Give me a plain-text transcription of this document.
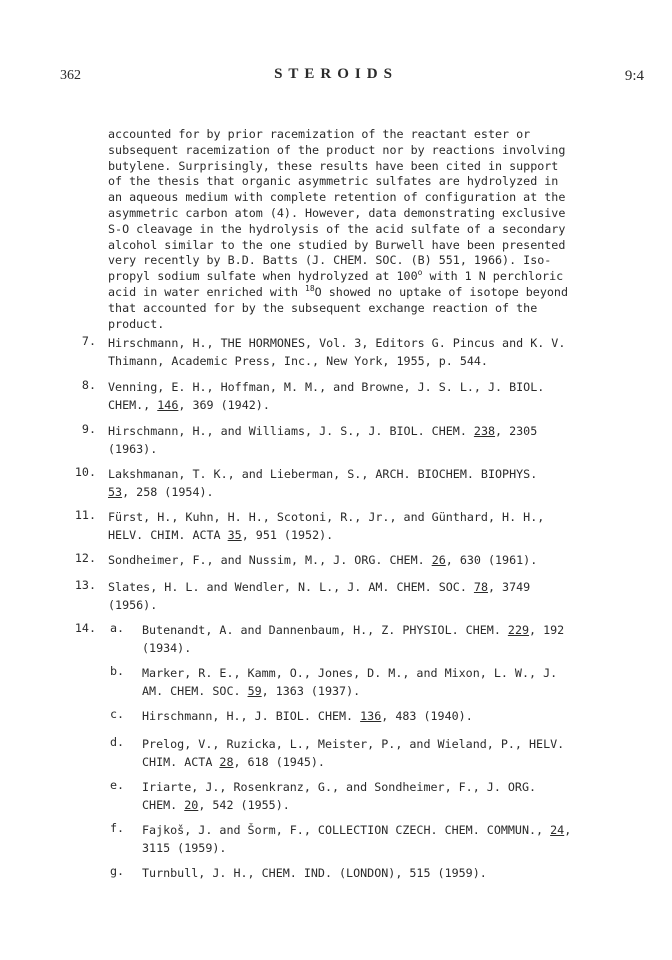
362	STEROIDS	9:4
accounted for by prior racemization of the reactant ester or
subsequent racemization of the product nor by reactions involving
butylene. Surprisingly, these results have been cited in support
of the thesis that organic asymmetric sulfates are hydrolyzed in
an aqueous medium with complete retention of configuration at the
asymmetric carbon atom (4). However, data demonstrating exclusive
S-O cleavage in the hydrolysis of the acid sulfate of a secondary
alcohol similar to the one studied by Burwell have been presented
very recently by B.D. Batts (J. CHEM. SOC. (B) 551, 1966). Iso-
propyl sodium sulfate when hydrolyzed at 100$^o$ with 1 N perchloric
acid in water enriched with $^{18}$O showed no uptake of isotope beyond
that accounted for by the subsequent exchange reaction of the
product.
7. Hirschmann, H., THE HORMONES, Vol. 3, Editors G. Pincus and K. V.
Thimann, Academic Press, Inc., New York, 1955, p. 544.
8. Venning, E. H., Hoffman, M. M., and Browne, J. S. L., J. BIOL.
CHEM., 146, 369 (1942).
9. Hirschmann, H., and Williams, J. S., J. BIOL. CHEM. 238, 2305
(1963).
10. Lakshmanan, T. K., and Lieberman, S., ARCH. BIOCHEM. BIOPHYS.
53, 258 (1954).
11. Fürst, H., Kuhn, H. H., Scotoni, R., Jr., and Günthard, H. H.,
HELV. CHIM. ACTA 35, 951 (1952).
12. Sondheimer, F., and Nussim, M., J. ORG. CHEM. 26, 630 (1961).
13. Slates, H. L. and Wendler, N. L., J. AM. CHEM. SOC. 78, 3749
(1956).
14. a. Butenandt, A. and Dannenbaum, H., Z. PHYSIOL. CHEM. 229, 192
(1934).
b. Marker, R. E., Kamm, O., Jones, D. M., and Mixon, L. W., J.
AM. CHEM. SOC. 59, 1363 (1937).
c. Hirschmann, H., J. BIOL. CHEM. 136, 483 (1940).
d. Prelog, V., Ruzicka, L., Meister, P., and Wieland, P., HELV.
CHIM. ACTA 28, 618 (1945).
e. Iriarte, J., Rosenkranz, G., and Sondheimer, F., J. ORG.
CHEM. 20, 542 (1955).
f. Fajkoš, J. and Šorm, F., COLLECTION CZECH. CHEM. COMMUN., 24,
3115 (1959).
g. Turnbull, J. H., CHEM. IND. (LONDON), 515 (1959).
